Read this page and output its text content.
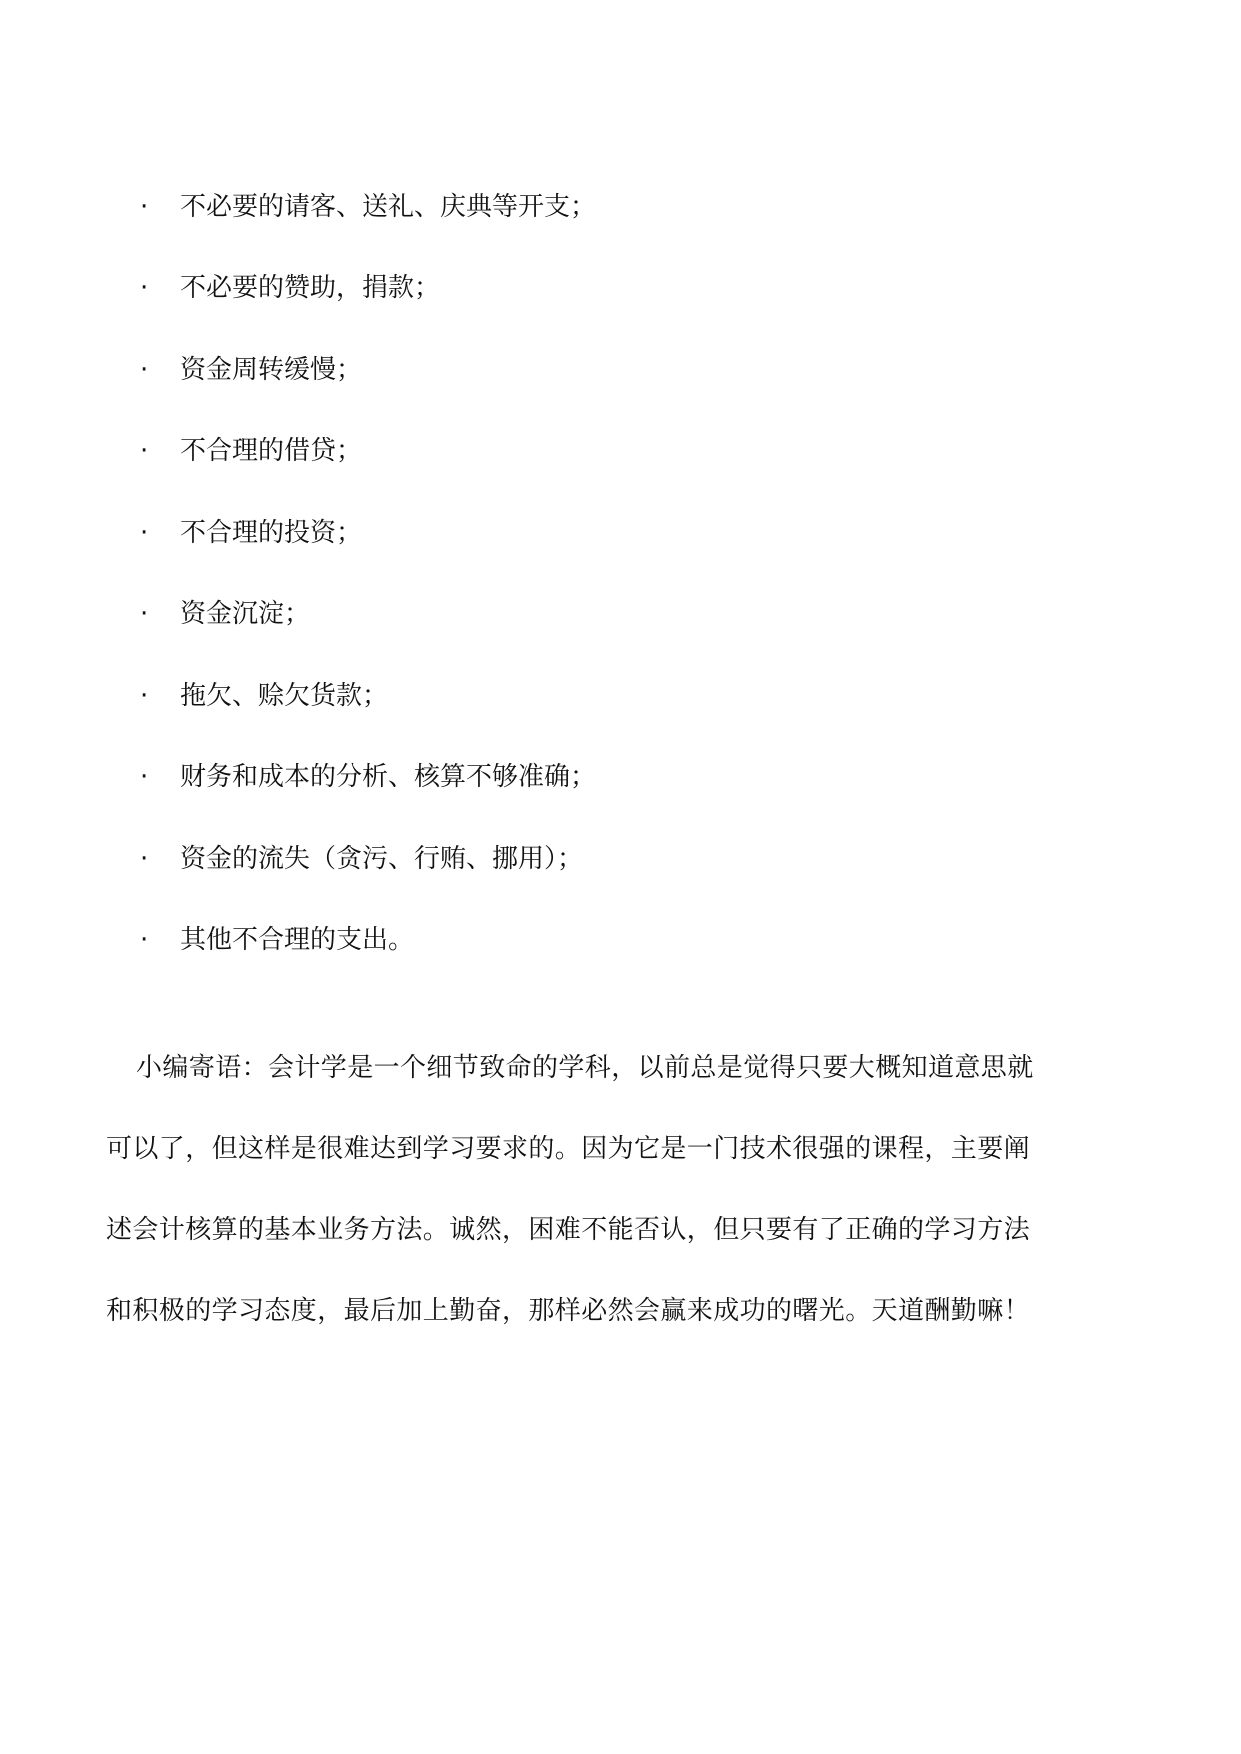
·	不必要的请客、送礼、庆典等开支；
·	不必要的赞助，捐款；
·	资金周转缓慢；
·	不合理的借贷；
·	不合理的投资；
·	资金沉淀；
·	拖欠、赊欠货款；
·	财务和成本的分析、核算不够准确；
·	资金的流失（贪污、行贿、挪用）；
·	其他不合理的支出。
小编寄语：会计学是一个细节致命的学科，以前总是觉得只要大概知道意思就
可以了，但这样是很难达到学习要求的。因为它是一门技术很强的课程，主要阐
述会计核算的基本业务方法。诚然，困难不能否认，但只要有了正确的学习方法
和积极的学习态度，最后加上勤奋，那样必然会赢来成功的曙光。天道酬勤嘛！
